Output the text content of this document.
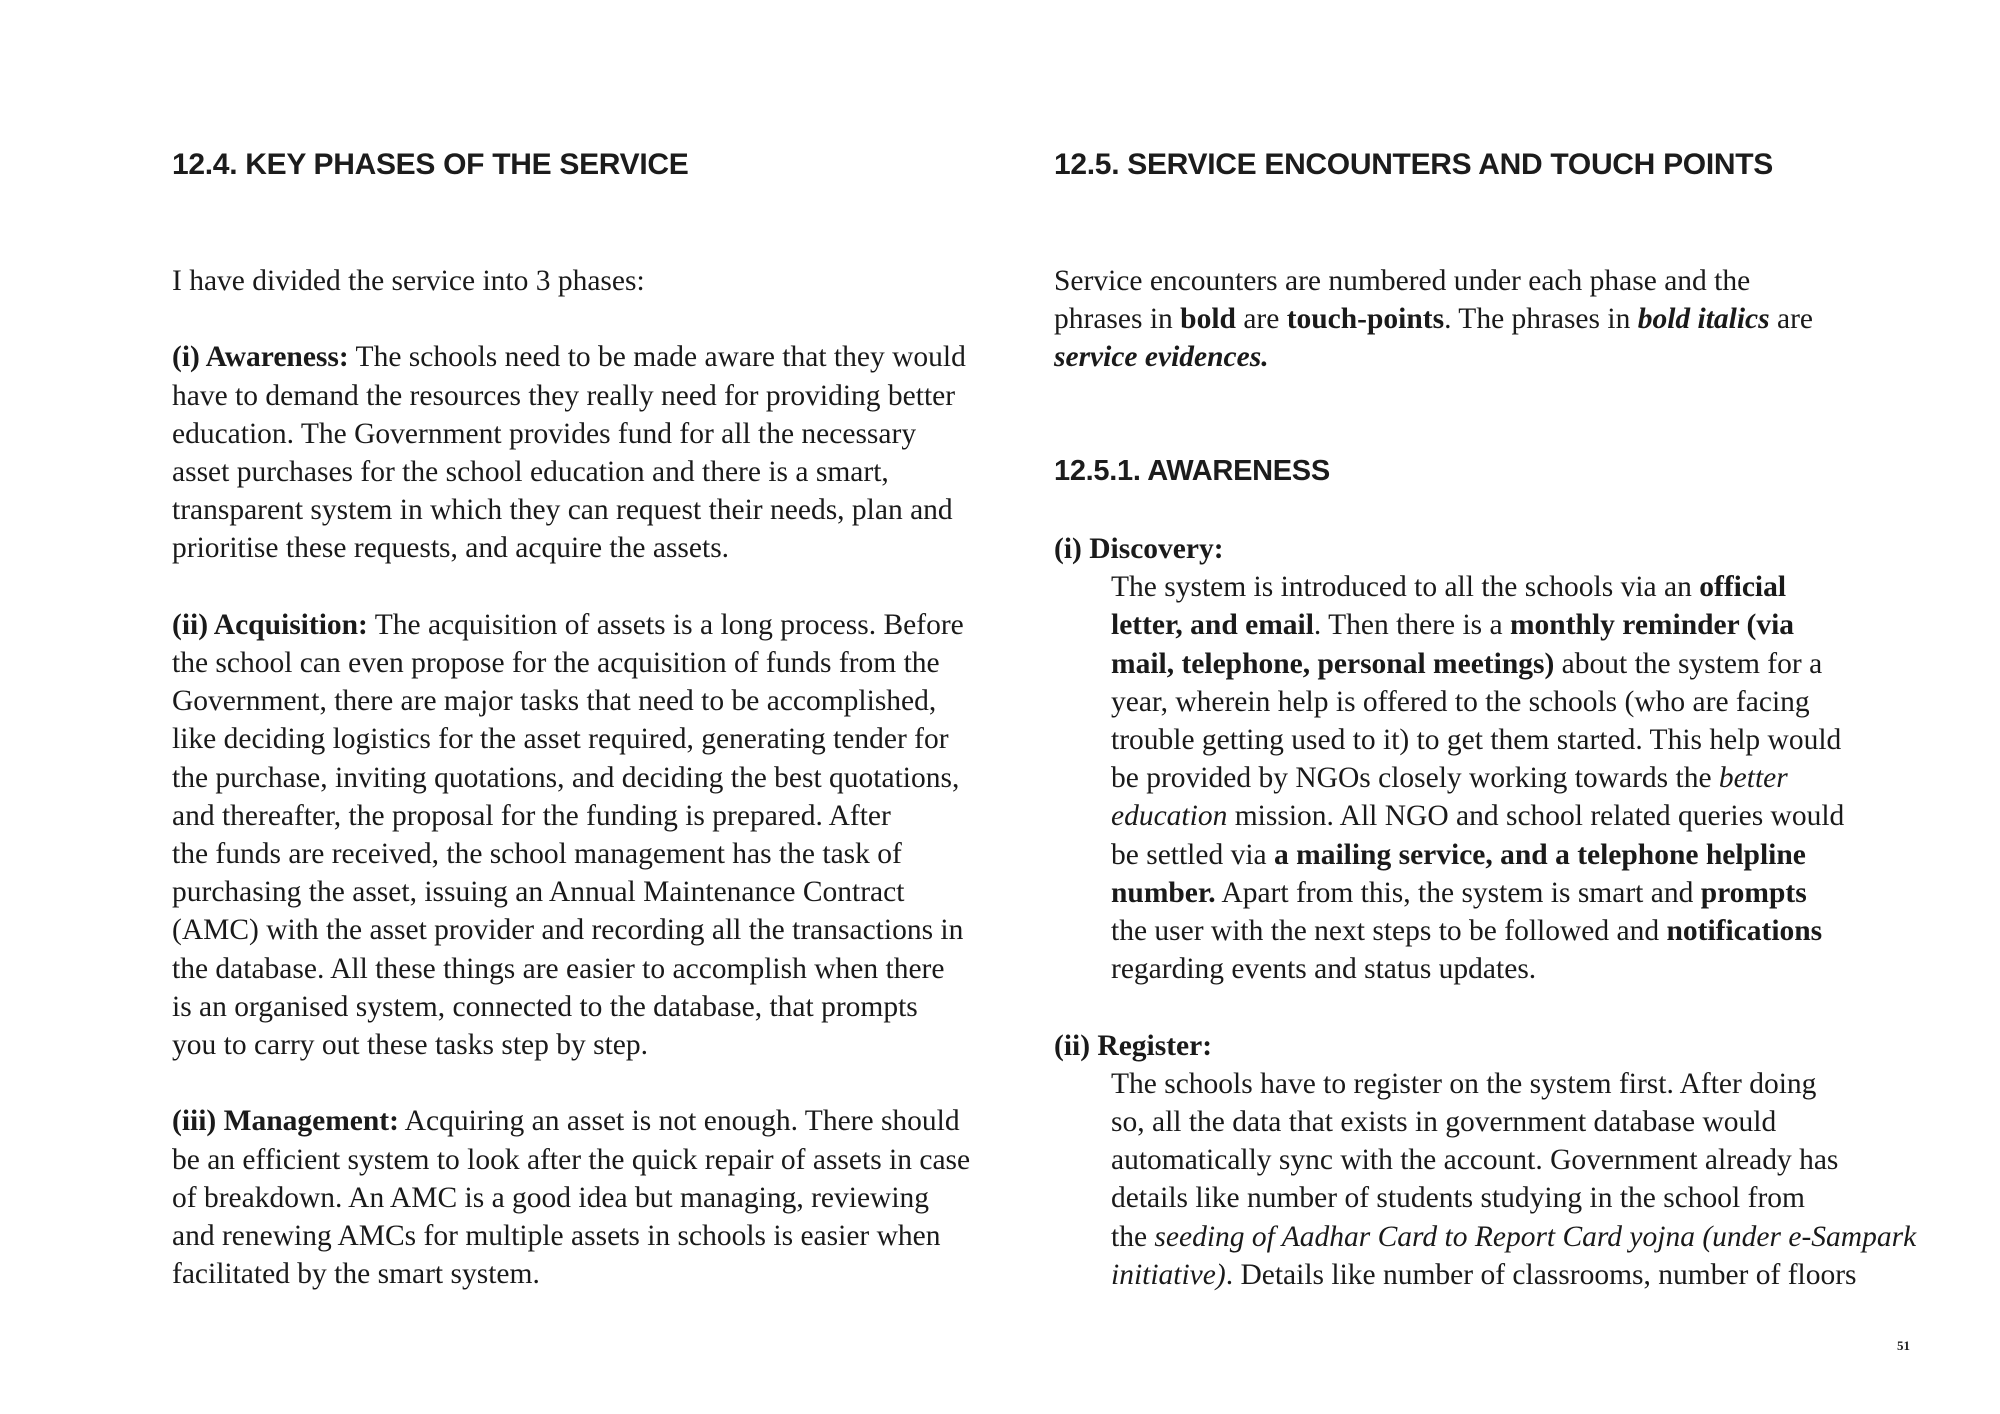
12.4. KEY PHASES OF THE SERVICE	12.5. SERVICE ENCOUNTERS AND TOUCH POINTS

I have divided the service into 3 phases:

(i) Awareness: The schools need to be made aware that they would
have to demand the resources they really need for providing better
education. The Government provides fund for all the necessary
asset purchases for the school education and there is a smart,
transparent system in which they can request their needs, plan and
prioritise these requests, and acquire the assets.

(ii) Acquisition: The acquisition of assets is a long process. Before
the school can even propose for the acquisition of funds from the
Government, there are major tasks that need to be accomplished,
like deciding logistics for the asset required, generating tender for
the purchase, inviting quotations, and deciding the best quotations,
and thereafter, the proposal for the funding is prepared. After
the funds are received, the school management has the task of
purchasing the asset, issuing an Annual Maintenance Contract
(AMC) with the asset provider and recording all the transactions in
the database. All these things are easier to accomplish when there
is an organised system, connected to the database, that prompts
you to carry out these tasks step by step.

(iii) Management: Acquiring an asset is not enough. There should
be an efficient system to look after the quick repair of assets in case
of breakdown. An AMC is a good idea but managing, reviewing
and renewing AMCs for multiple assets in schools is easier when
facilitated by the smart system.

Service encounters are numbered under each phase and the
phrases in bold are touch-points. The phrases in bold italics are
service evidences.

12.5.1. AWARENESS

(i) Discovery:

The system is introduced to all the schools via an official
letter, and email. Then there is a monthly reminder (via
mail, telephone, personal meetings) about the system for a
year, wherein help is offered to the schools (who are facing
trouble getting used to it) to get them started. This help would
be provided by NGOs closely working towards the better
education mission. All NGO and school related queries would
be settled via a mailing service, and a telephone helpline
number. Apart from this, the system is smart and prompts
the user with the next steps to be followed and notifications
regarding events and status updates.

(ii) Register:

The schools have to register on the system first. After doing
so, all the data that exists in government database would
automatically sync with the account. Government already has
details like number of students studying in the school from
the seeding of Aadhar Card to Report Card yojna (under e-Sampark
initiative). Details like number of classrooms, number of floors

51
